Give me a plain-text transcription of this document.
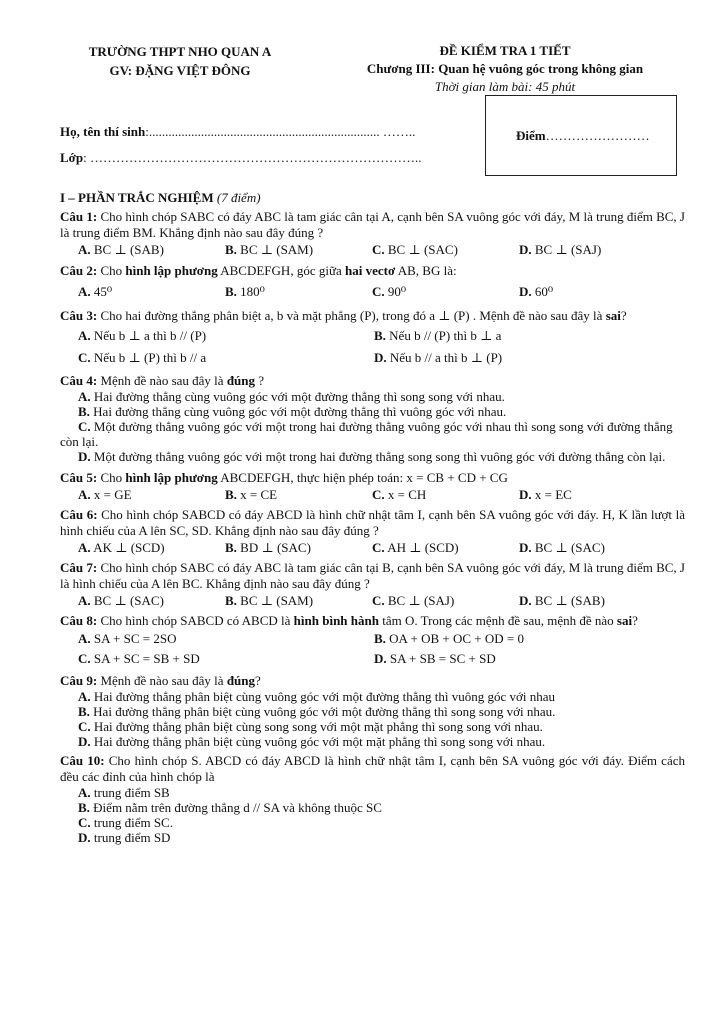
TRƯỜNG THPT NHO QUAN A
GV: ĐẶNG VIỆT ĐÔNG
ĐỀ KIỂM TRA 1 TIẾT
Chương III: Quan hệ vuông góc trong không gian
Thời gian làm bài: 45 phút
Điểm……………………
Họ, tên thí sinh:....................................................................... ……..
Lớp: …………………………………………………………………..
I – PHẦN TRẮC NGHIỆM (7 điểm)
Câu 1: Cho hình chóp SABC có đáy ABC là tam giác cân tại A, cạnh bên SA vuông góc với đáy, M là trung điểm BC, J là trung điểm BM. Khẳng định nào sau đây đúng ?
A. BC ⊥ (SAB)	B. BC ⊥ (SAM)	C. BC ⊥ (SAC)	D. BC ⊥ (SAJ)
Câu 2: Cho hình lập phương ABCDEFGH, góc giữa hai vectơ AB, BG là:
A. 45⁰	B. 180⁰	C. 90⁰	D. 60⁰
Câu 3: Cho hai đường thẳng phân biệt a, b và mặt phẳng (P), trong đó a ⊥ (P) . Mệnh đề nào sau đây là sai?
A. Nếu b ⊥ a thì b // (P)	B. Nếu b // (P) thì b ⊥ a
C. Nếu b ⊥ (P) thì b // a	D. Nếu b // a thì b ⊥ (P)
Câu 4: Mệnh đề nào sau đây là đúng ?
A. Hai đường thẳng cùng vuông góc với một đường thẳng thì song song với nhau.
B. Hai đường thẳng cùng vuông góc với một đường thẳng thì vuông góc với nhau.
C. Một đường thẳng vuông góc với một trong hai đường thẳng vuông góc với nhau thì song song với đường thẳng còn lại.
D. Một đường thẳng vuông góc với một trong hai đường thẳng song song thì vuông góc với đường thẳng còn lại.
Câu 5: Cho hình lập phương ABCDEFGH, thực hiện phép toán: x = CB + CD + CG
A. x = GE	B. x = CE	C. x = CH	D. x = EC
Câu 6: Cho hình chóp SABCD có đáy ABCD là hình chữ nhật tâm I, cạnh bên SA vuông góc với đáy. H, K lần lượt là hình chiếu của A lên SC, SD. Khẳng định nào sau đây đúng ?
A. AK ⊥ (SCD)	B. BD ⊥ (SAC)	C. AH ⊥ (SCD)	D. BC ⊥ (SAC)
Câu 7: Cho hình chóp SABC có đáy ABC là tam giác cân tại B, cạnh bên SA vuông góc với đáy, M là trung điểm BC, J là hình chiếu của A lên BC. Khẳng định nào sau đây đúng ?
A. BC ⊥ (SAC)	B. BC ⊥ (SAM)	C. BC ⊥ (SAJ)	D. BC ⊥ (SAB)
Câu 8: Cho hình chóp SABCD có ABCD là hình bình hành tâm O. Trong các mệnh đề sau, mệnh đề nào sai?
A. SA + SC = 2SO	B. OA + OB + OC + OD = 0
C. SA + SC = SB + SD	D. SA + SB = SC + SD
Câu 9: Mệnh đề nào sau đây là đúng?
A. Hai đường thẳng phân biệt cùng vuông góc với một đường thẳng thì vuông góc với nhau
B. Hai đường thẳng phân biệt cùng vuông góc với một đường thẳng thì song song với nhau.
C. Hai đường thẳng phân biệt cùng song song với một mặt phẳng thì song song với nhau.
D. Hai đường thẳng phân biệt cùng vuông góc với một mặt phẳng thì song song với nhau.
Câu 10: Cho hình chóp S. ABCD có đáy ABCD là hình chữ nhật tâm I, cạnh bên SA vuông góc với đáy. Điểm cách đều các đỉnh của hình chóp là
A. trung điểm SB
B. Điểm nằm trên đường thẳng d // SA và không thuộc SC
C. trung điểm SC.
D. trung điểm SD
